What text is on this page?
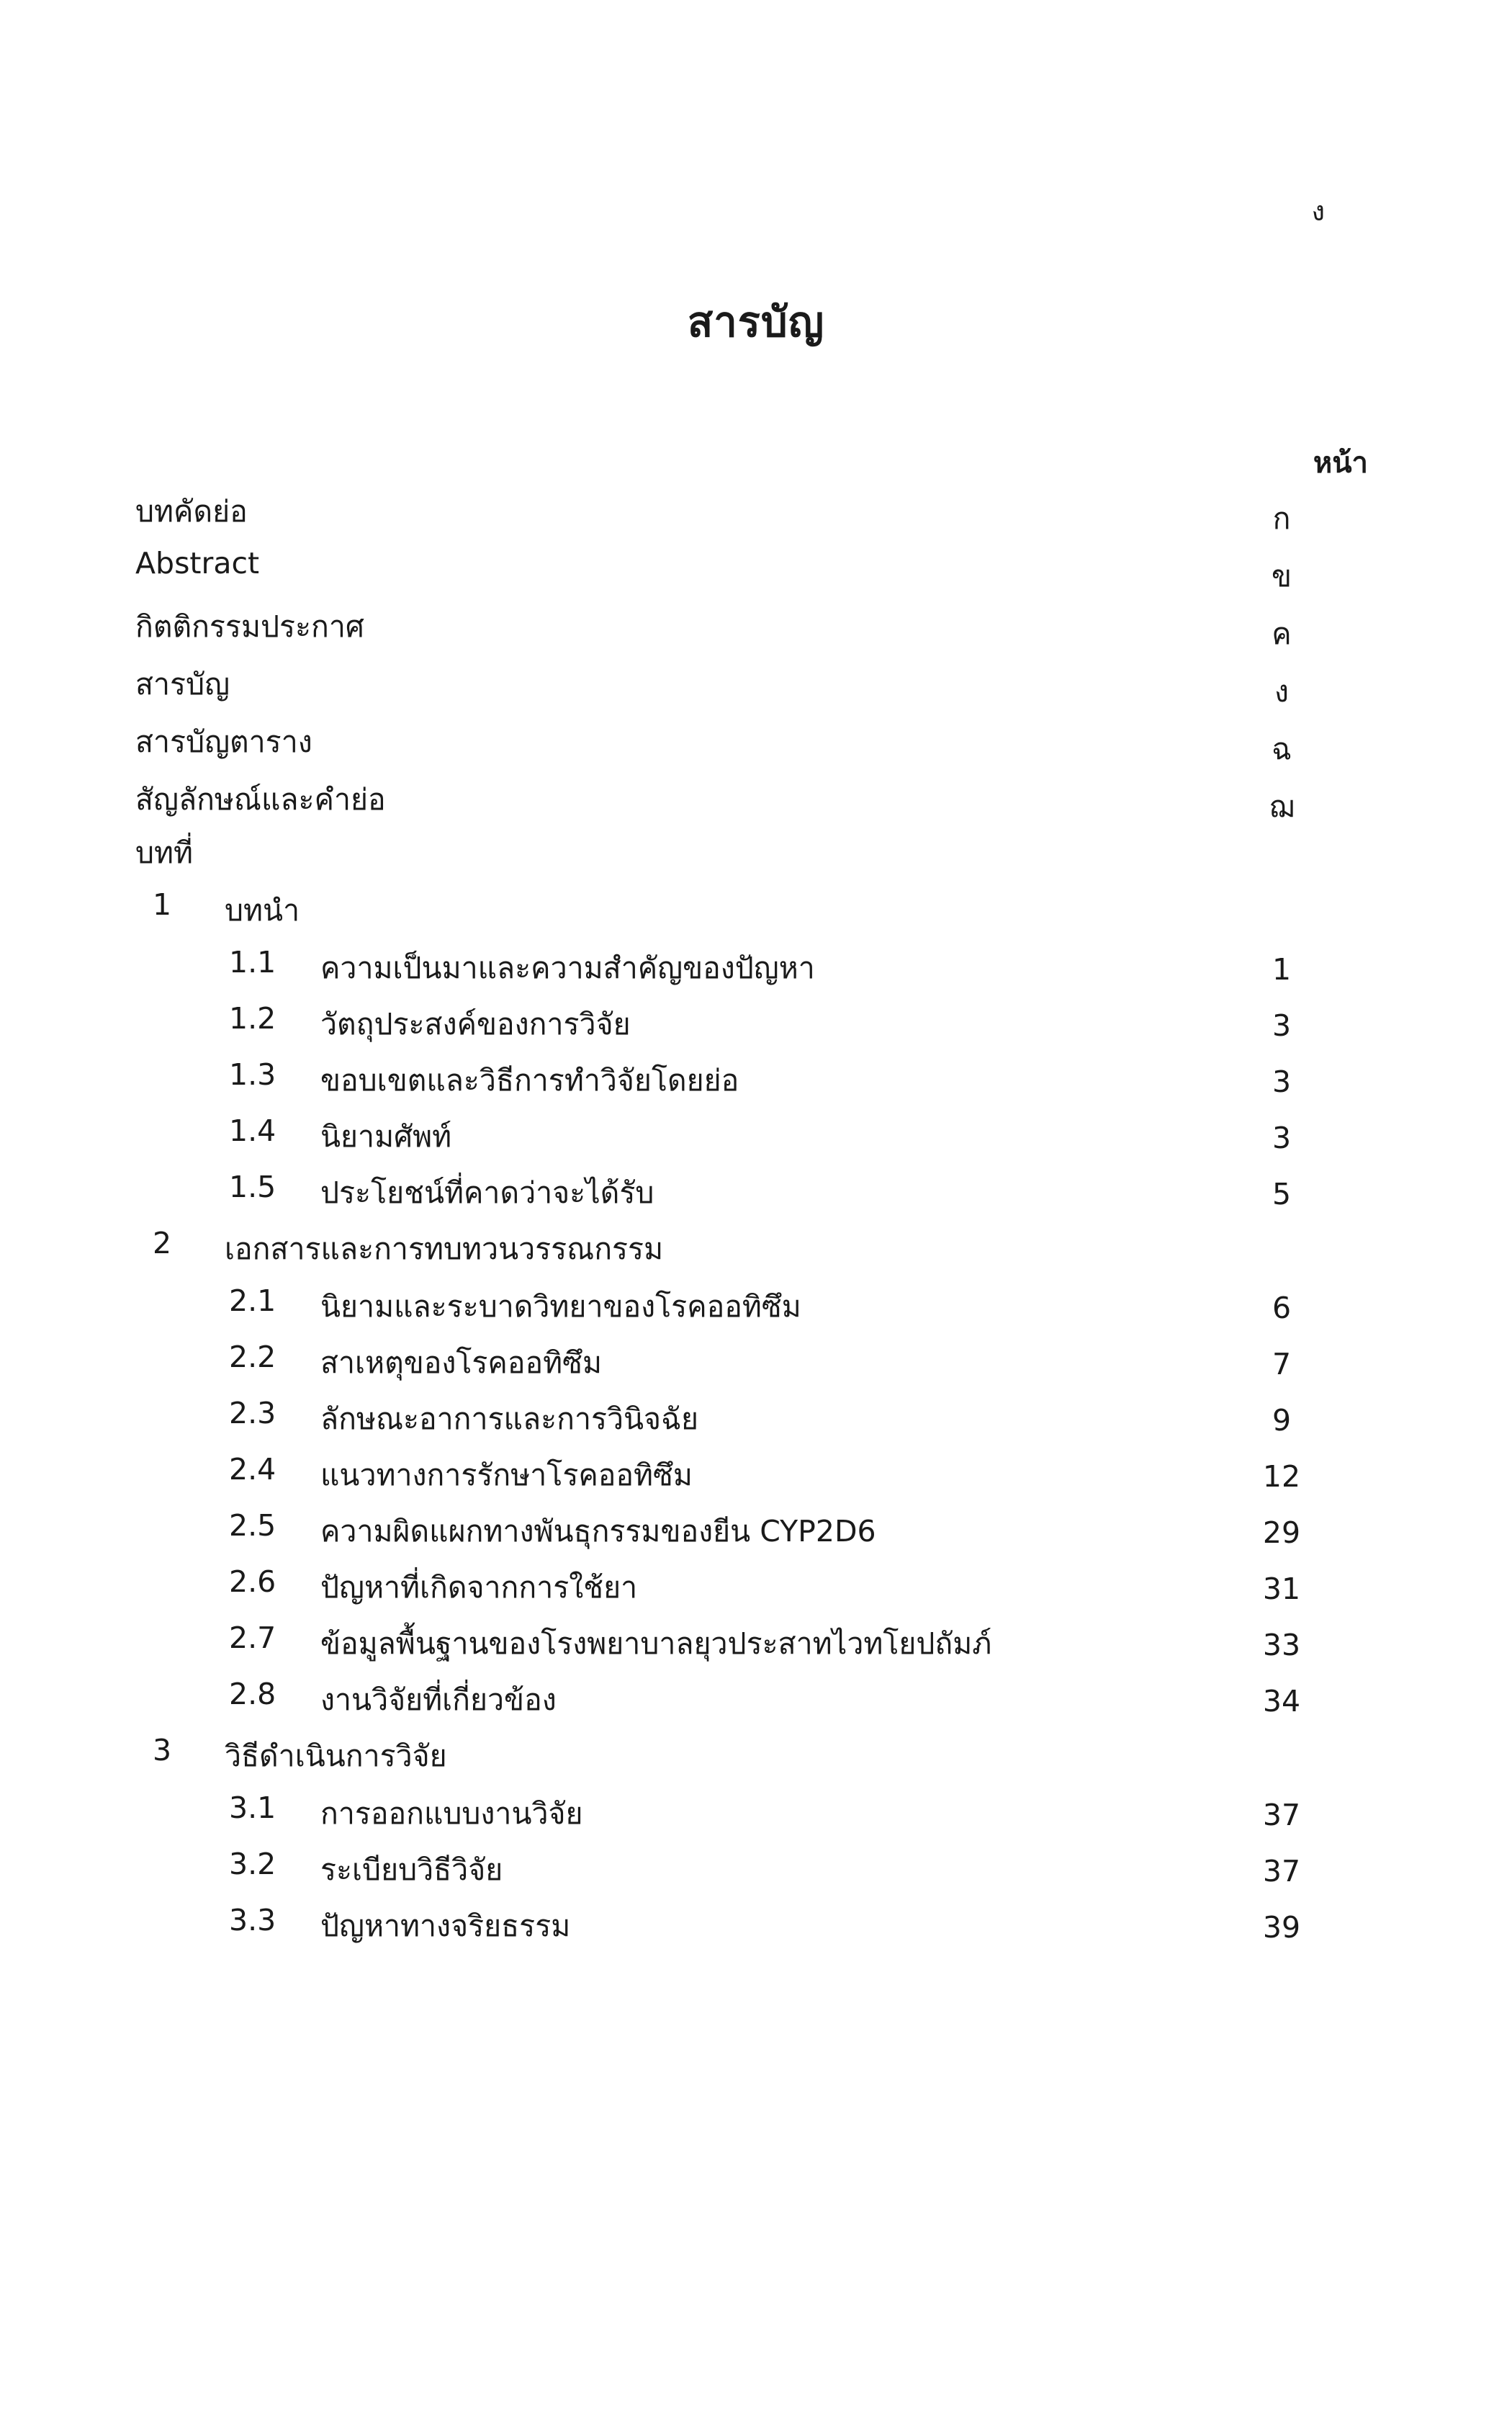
ง
สารบัญ
หน้า
บทคัดย่อ	ก
Abstract	ข
กิตติกรรมประกาศ	ค
สารบัญ	ง
สารบัญตาราง	ฉ
สัญลักษณ์และคำย่อ	ฌ
บทที่
1 บทนำ
1.1 ความเป็นมาและความสำคัญของปัญหา	1
1.2 วัตถุประสงค์ของการวิจัย	3
1.3 ขอบเขตและวิธีการทำวิจัยโดยย่อ	3
1.4 นิยามศัพท์	3
1.5 ประโยชน์ที่คาดว่าจะได้รับ	5
2 เอกสารและการทบทวนวรรณกรรม
2.1 นิยามและระบาดวิทยาของโรคออทิซึม	6
2.2 สาเหตุของโรคออทิซึม	7
2.3 ลักษณะอาการและการวินิจฉัย	9
2.4 แนวทางการรักษาโรคออทิซึม	12
2.5 ความผิดแผกทางพันธุกรรมของยีน CYP2D6	29
2.6 ปัญหาที่เกิดจากการใช้ยา	31
2.7 ข้อมูลพื้นฐานของโรงพยาบาลยุวประสาทไวทโยปถัมภ์	33
2.8 งานวิจัยที่เกี่ยวข้อง	34
3 วิธีดำเนินการวิจัย
3.1 การออกแบบงานวิจัย	37
3.2 ระเบียบวิธีวิจัย	37
3.3 ปัญหาทางจริยธรรม	39
